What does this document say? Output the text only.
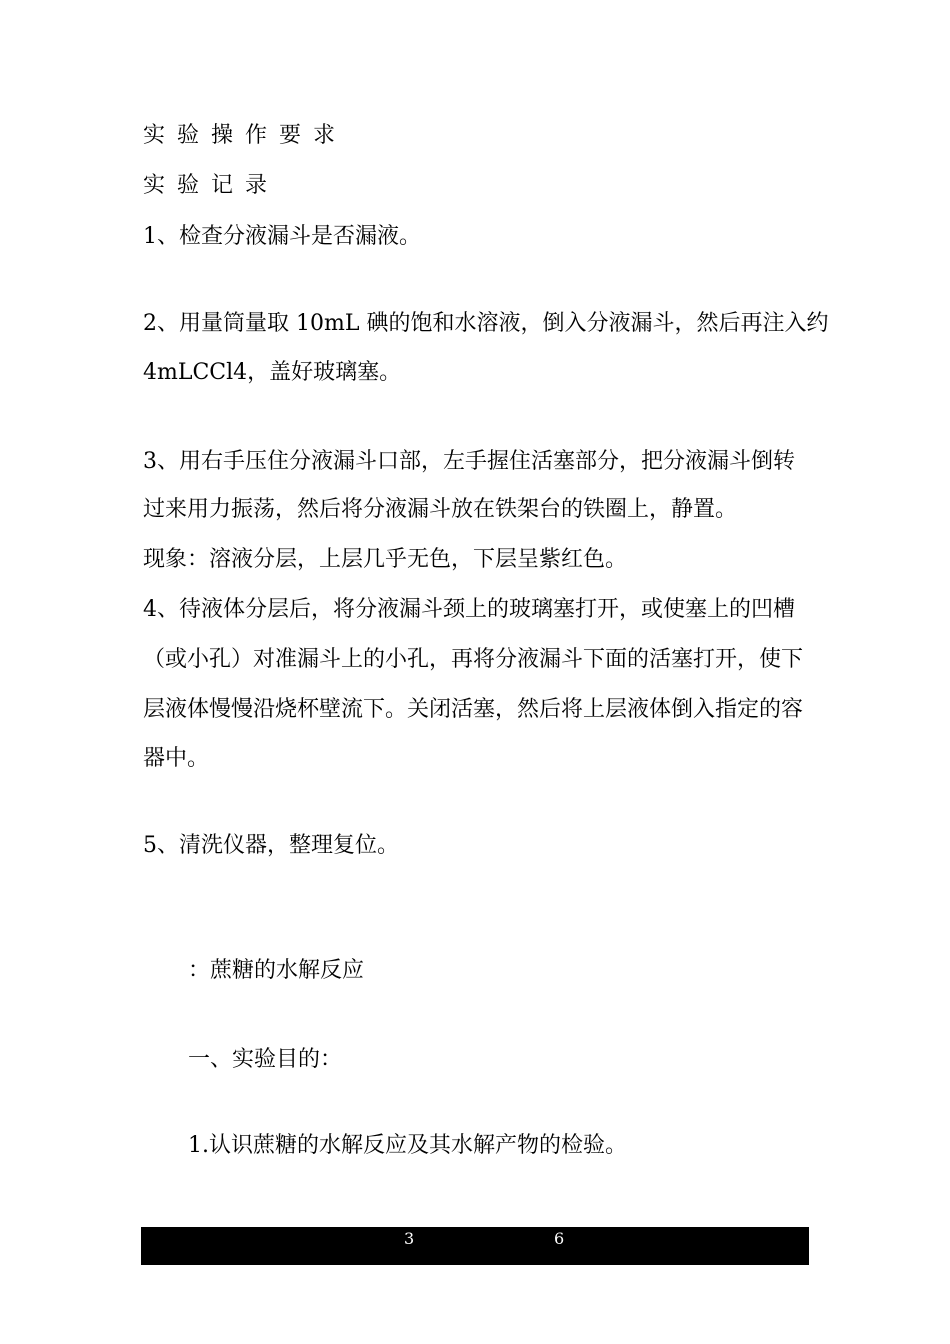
实验操作要求
实验记录
1、检查分液漏斗是否漏液。
2、用量筒量取 10mL 碘的饱和水溶液，倒入分液漏斗，然后再注入约
4mLCCl4，盖好玻璃塞。
3、用右手压住分液漏斗口部，左手握住活塞部分，把分液漏斗倒转
过来用力振荡，然后将分液漏斗放在铁架台的铁圈上，静置。
现象：溶液分层，上层几乎无色，下层呈紫红色。
4、待液体分层后，将分液漏斗颈上的玻璃塞打开，或使塞上的凹槽
（或小孔）对准漏斗上的小孔，再将分液漏斗下面的活塞打开，使下
层液体慢慢沿烧杯壁流下。关闭活塞，然后将上层液体倒入指定的容
器中。
5、清洗仪器，整理复位。
：蔗糖的水解反应
一、实验目的：
1.认识蔗糖的水解反应及其水解产物的检验。
3	6
